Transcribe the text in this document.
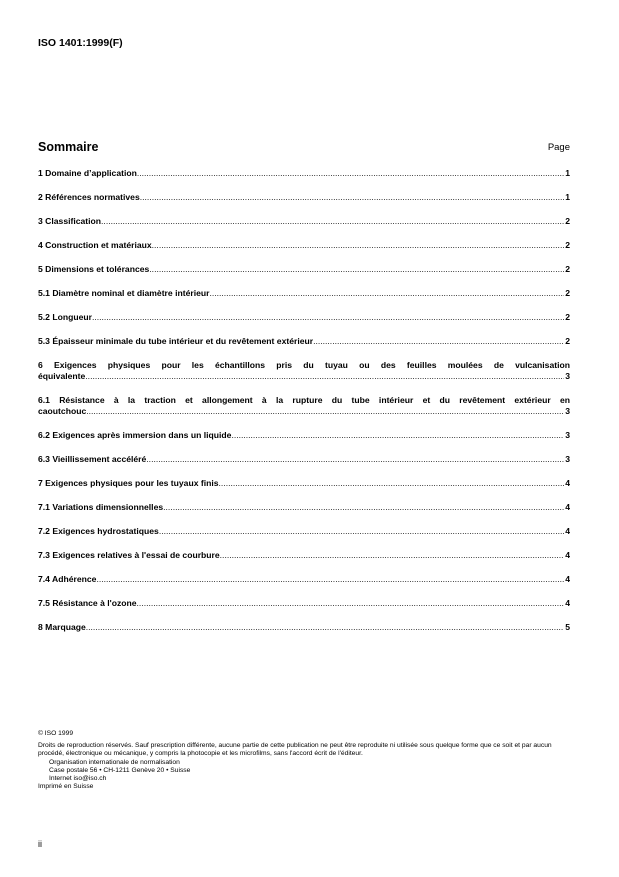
ISO 1401:1999(F)
Sommaire	Page
1 Domaine d’application .....	1
2 Références normatives .....	1
3 Classification .....	2
4 Construction et matériaux .....	2
5 Dimensions et tolérances .....	2
5.1 Diamètre nominal et diamètre intérieur .....	2
5.2 Longueur .....	2
5.3 Épaisseur minimale du tube intérieur et du revêtement extérieur .....	2
6 Exigences physiques pour les échantillons pris du tuyau ou des feuilles moulées de vulcanisation
équivalente .....	3
6.1 Résistance à la traction et allongement à la rupture du tube intérieur et du revêtement extérieur en
caoutchouc .....	3
6.2 Exigences après immersion dans un liquide .....	3
6.3 Vieillissement accéléré .....	3
7 Exigences physiques pour les tuyaux finis .....	4
7.1 Variations dimensionnelles .....	4
7.2 Exigences hydrostatiques .....	4
7.3 Exigences relatives à l'essai de courbure .....	4
7.4 Adhérence .....	4
7.5 Résistance à l'ozone .....	4
8 Marquage .....	5
© ISO 1999
Droits de reproduction réservés. Sauf prescription différente, aucune partie de cette publication ne peut être reproduite ni utilisée sous quelque forme que ce soit et par aucun procédé, électronique ou mécanique, y compris la photocopie et les microfilms, sans l'accord écrit de l'éditeur.
Organisation internationale de normalisation
Case postale 56 • CH-1211 Genève 20 • Suisse
Internet iso@iso.ch
Imprimé en Suisse
ii
